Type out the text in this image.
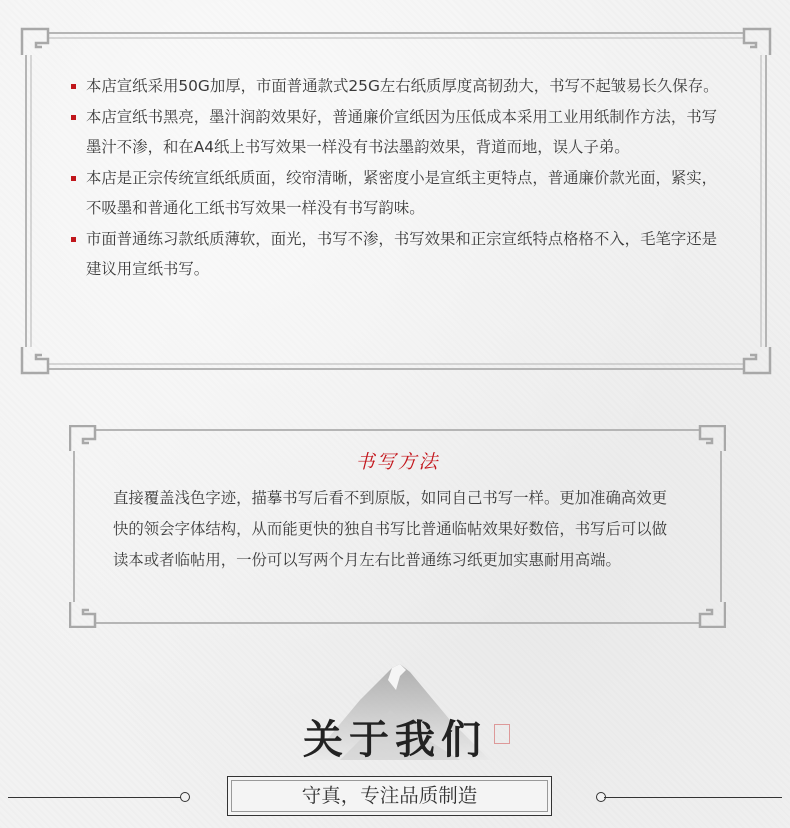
本店宣纸采用50G加厚，市面普通款式25G左右纸质厚度高韧劲大，书写不起皱易长久保存。
本店宣纸书黑亮，墨汁润韵效果好，普通廉价宣纸因为压低成本采用工业用纸制作方法，书写墨汁不渗，和在A4纸上书写效果一样没有书法墨韵效果，背道而地，误人子弟。
本店是正宗传统宣纸纸质面，绞帘清晰，紧密度小是宣纸主更特点，普通廉价款光面，紧实，不吸墨和普通化工纸书写效果一样没有书写韵味。
市面普通练习款纸质薄软，面光，书写不渗，书写效果和正宗宣纸特点格格不入，毛笔字还是建议用宣纸书写。
书写方法
直接覆盖浅色字迹，描摹书写后看不到原版，如同自己书写一样。更加准确高效更快的领会字体结构，从而能更快的独自书写比普通临帖效果好数倍，书写后可以做读本或者临帖用，一份可以写两个月左右比普通练习纸更加实惠耐用高端。
关于我们
守真，专注品质制造
